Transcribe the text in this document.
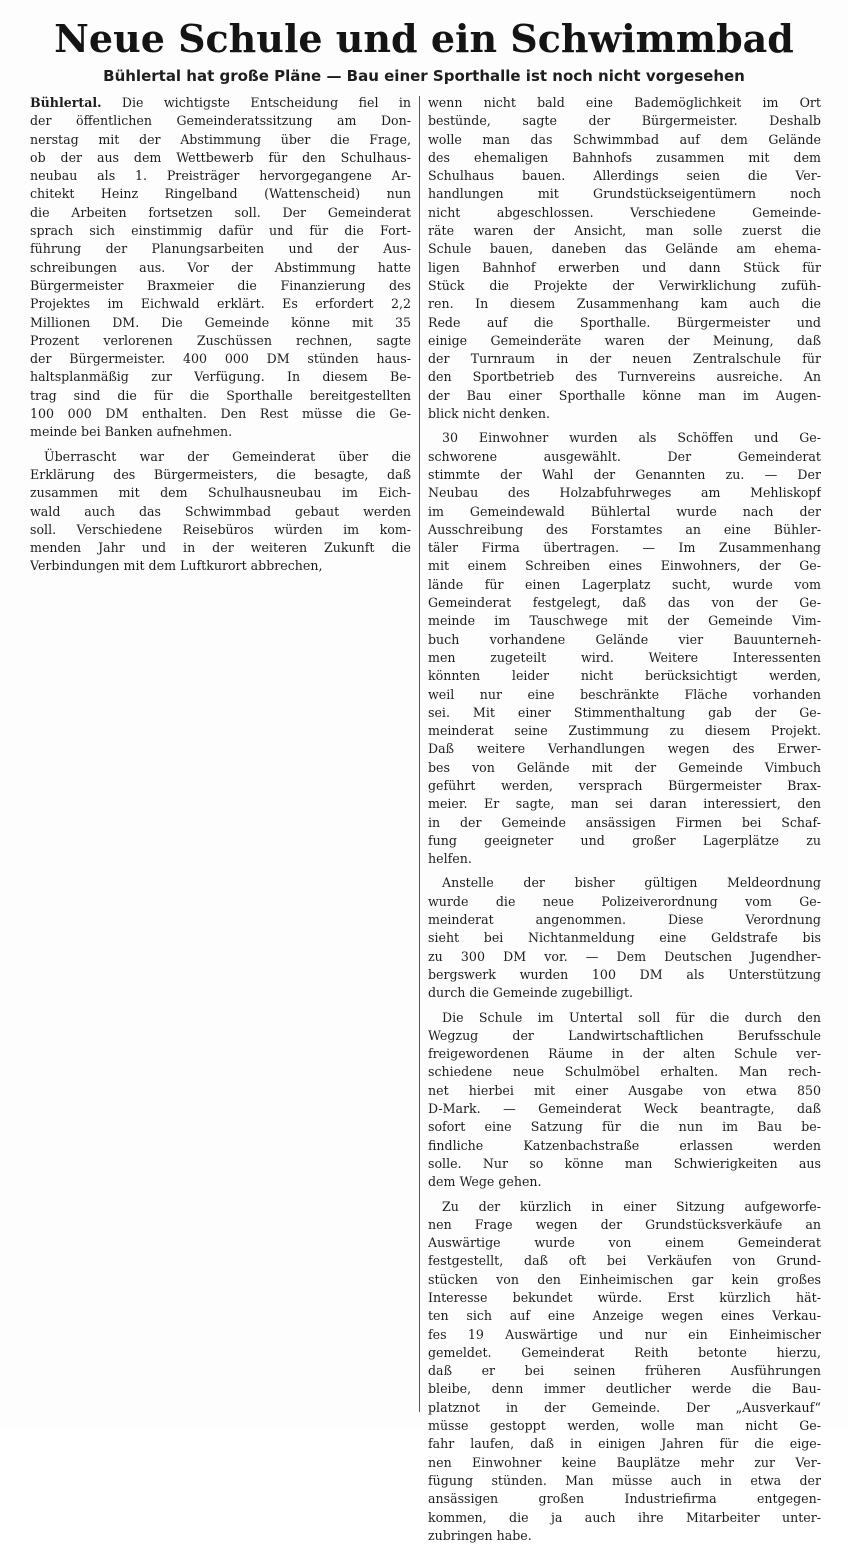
Neue Schule und ein Schwimmbad
Bühlertal hat große Pläne — Bau einer Sporthalle ist noch nicht vorgesehen
Bühlertal. Die wichtigste Entscheidung fiel in
der öffentlichen Gemeinderatssitzung am Don-
nerstag mit der Abstimmung über die Frage,
ob der aus dem Wettbewerb für den Schulhaus-
neubau als 1. Preisträger hervorgegangene Ar-
chitekt Heinz Ringelband (Wattenscheid) nun
die Arbeiten fortsetzen soll. Der Gemeinderat
sprach sich einstimmig dafür und für die Fort-
führung der Planungsarbeiten und der Aus-
schreibungen aus. Vor der Abstimmung hatte
Bürgermeister Braxmeier die Finanzierung des
Projektes im Eichwald erklärt. Es erfordert 2,2
Millionen DM. Die Gemeinde könne mit 35
Prozent verlorenen Zuschüssen rechnen, sagte
der Bürgermeister. 400 000 DM stünden haus-
haltsplanmäßig zur Verfügung. In diesem Be-
trag sind die für die Sporthalle bereitgestellten
100 000 DM enthalten. Den Rest müsse die Ge-
meinde bei Banken aufnehmen.
Überrascht war der Gemeinderat über die
Erklärung des Bürgermeisters, die besagte, daß
zusammen mit dem Schulhausneubau im Eich-
wald auch das Schwimmbad gebaut werden
soll. Verschiedene Reisebüros würden im kom-
menden Jahr und in der weiteren Zukunft die
Verbindungen mit dem Luftkurort abbrechen,
wenn nicht bald eine Bademöglichkeit im Ort
bestünde, sagte der Bürgermeister. Deshalb
wolle man das Schwimmbad auf dem Gelände
des ehemaligen Bahnhofs zusammen mit dem
Schulhaus bauen. Allerdings seien die Ver-
handlungen mit Grundstückseigentümern noch
nicht abgeschlossen. Verschiedene Gemeinde-
räte waren der Ansicht, man solle zuerst die
Schule bauen, daneben das Gelände am ehema-
ligen Bahnhof erwerben und dann Stück für
Stück die Projekte der Verwirklichung zufüh-
ren. In diesem Zusammenhang kam auch die
Rede auf die Sporthalle. Bürgermeister und
einige Gemeinderäte waren der Meinung, daß
der Turnraum in der neuen Zentralschule für
den Sportbetrieb des Turnvereins ausreiche. An
der Bau einer Sporthalle könne man im Augen-
blick nicht denken.
30 Einwohner wurden als Schöffen und Ge-
schworene ausgewählt. Der Gemeinderat
stimmte der Wahl der Genannten zu. — Der
Neubau des Holzabfuhrweges am Mehliskopf
im Gemeindewald Bühlertal wurde nach der
Ausschreibung des Forstamtes an eine Bühler-
täler Firma übertragen. — Im Zusammenhang
mit einem Schreiben eines Einwohners, der Ge-
lände für einen Lagerplatz sucht, wurde vom
Gemeinderat festgelegt, daß das von der Ge-
meinde im Tauschwege mit der Gemeinde Vim-
buch vorhandene Gelände vier Bauunterneh-
men zugeteilt wird. Weitere Interessenten
könnten leider nicht berücksichtigt werden,
weil nur eine beschränkte Fläche vorhanden
sei. Mit einer Stimmenthaltung gab der Ge-
meinderat seine Zustimmung zu diesem Projekt.
Daß weitere Verhandlungen wegen des Erwer-
bes von Gelände mit der Gemeinde Vimbuch
geführt werden, versprach Bürgermeister Brax-
meier. Er sagte, man sei daran interessiert, den
in der Gemeinde ansässigen Firmen bei Schaf-
fung geeigneter und großer Lagerplätze zu
helfen.
Anstelle der bisher gültigen Meldeordnung
wurde die neue Polizeiverordnung vom Ge-
meinderat angenommen. Diese Verordnung
sieht bei Nichtanmeldung eine Geldstrafe bis
zu 300 DM vor. — Dem Deutschen Jugendher-
bergswerk wurden 100 DM als Unterstützung
durch die Gemeinde zugebilligt.
Die Schule im Untertal soll für die durch den
Wegzug der Landwirtschaftlichen Berufsschule
freigewordenen Räume in der alten Schule ver-
schiedene neue Schulmöbel erhalten. Man rech-
net hierbei mit einer Ausgabe von etwa 850
D-Mark. — Gemeinderat Weck beantragte, daß
sofort eine Satzung für die nun im Bau be-
findliche Katzenbachstraße erlassen werden
solle. Nur so könne man Schwierigkeiten aus
dem Wege gehen.
Zu der kürzlich in einer Sitzung aufgeworfe-
nen Frage wegen der Grundstücksverkäufe an
Auswärtige wurde von einem Gemeinderat
festgestellt, daß oft bei Verkäufen von Grund-
stücken von den Einheimischen gar kein großes
Interesse bekundet würde. Erst kürzlich hät-
ten sich auf eine Anzeige wegen eines Verkau-
fes 19 Auswärtige und nur ein Einheimischer
gemeldet. Gemeinderat Reith betonte hierzu,
daß er bei seinen früheren Ausführungen
bleibe, denn immer deutlicher werde die Bau-
platznot in der Gemeinde. Der „Ausverkauf“
müsse gestoppt werden, wolle man nicht Ge-
fahr laufen, daß in einigen Jahren für die eige-
nen Einwohner keine Bauplätze mehr zur Ver-
fügung stünden. Man müsse auch in etwa der
ansässigen großen Industriefirma entgegen-
kommen, die ja auch ihre Mitarbeiter unter-
zubringen habe.
